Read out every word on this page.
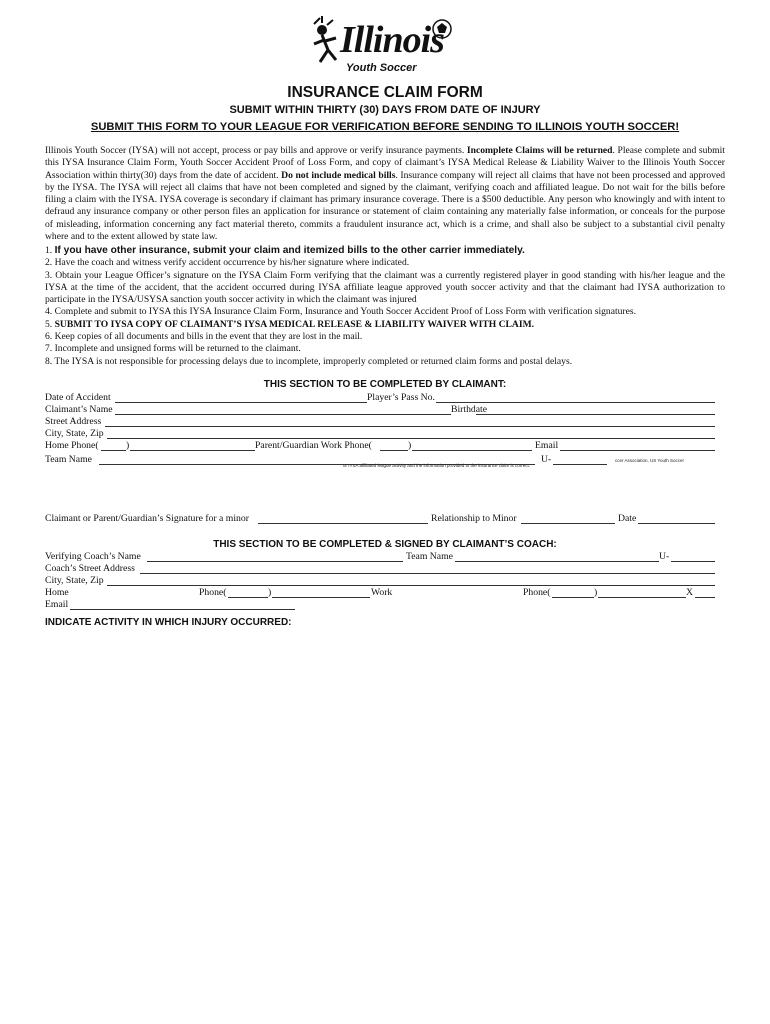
Illinois
Youth Soccer
INSURANCE CLAIM FORM
SUBMIT WITHIN THIRTY (30) DAYS FROM DATE OF INJURY
SUBMIT THIS FORM TO YOUR LEAGUE FOR VERIFICATION BEFORE SENDING TO ILLINOIS YOUTH SOCCER!

Illinois Youth Soccer (IYSA) will not accept, process or pay bills and approve or verify insurance payments. Incomplete Claims will be returned. Please complete and submit this IYSA Insurance Claim Form, Youth Soccer Accident Proof of Loss Form, and copy of claimant’s IYSA Medical Release & Liability Waiver to the Illinois Youth Soccer Association within thirty(30) days from the date of accident. Do not include medical bills. Insurance company will reject all claims that have not been processed and approved by the IYSA. The IYSA will reject all claims that have not been completed and signed by the claimant, verifying coach and affiliated league. Do not wait for the bills before filing a claim with the IYSA. IYSA coverage is secondary if claimant has primary insurance coverage. There is a $500 deductible. Any person who knowingly and with intent to defraud any insurance company or other person files an application for insurance or statement of claim containing any materially false information, or conceals for the purpose of misleading, information concerning any fact material thereto, commits a fraudulent insurance act, which is a crime, and shall also be subject to a substantial civil penalty where and to the extent allowed by state law.

1. If you have other insurance, submit your claim and itemized bills to the other carrier immediately.
2. Have the coach and witness verify accident occurrence by his/her signature where indicated.
3. Obtain your League Officer’s signature on the IYSA Claim Form verifying that the claimant was a currently registered player in good standing with his/her league and the IYSA at the time of the accident, that the accident occurred during IYSA affiliate league approved youth soccer activity and that the claimant had IYSA authorization to participate in the IYSA/USYSA sanction youth soccer activity in which the claimant was injured
4. Complete and submit to IYSA this IYSA Insurance Claim Form, Insurance and Youth Soccer Accident Proof of Loss Form with verification signatures.
5. SUBMIT TO IYSA COPY OF CLAIMANT’S IYSA MEDICAL RELEASE & LIABILITY WAIVER WITH CLAIM.
6. Keep copies of all documents and bills in the event that they are lost in the mail.
7. Incomplete and unsigned forms will be returned to the claimant.
8. The IYSA is not responsible for processing delays due to incomplete, improperly completed or returned claim forms and postal delays.
THIS SECTION TO BE COMPLETED BY CLAIMANT:
Date of Accident	Player’s Pass No.
Claimant’s Name	Birthdate
Street Address
City, State, Zip
Home Phone(	)	Parent/Guardian Work Phone(	)	Email
Team Name	U-
or IYSA affiliated league activity and the information provided to the insurance claim is correct.
ccer Association, US Youth Soccer
Claimant or Parent/Guardian’s Signature for a minor	Relationship to Minor	Date
THIS SECTION TO BE COMPLETED & SIGNED BY CLAIMANT’S COACH:
Verifying Coach’s Name	Team Name	U-
Coach’s Street Address
City, State, Zip
Home	Phone(	)	Work	Phone(	)	X
Email
INDICATE ACTIVITY IN WHICH INJURY OCCURRED:
